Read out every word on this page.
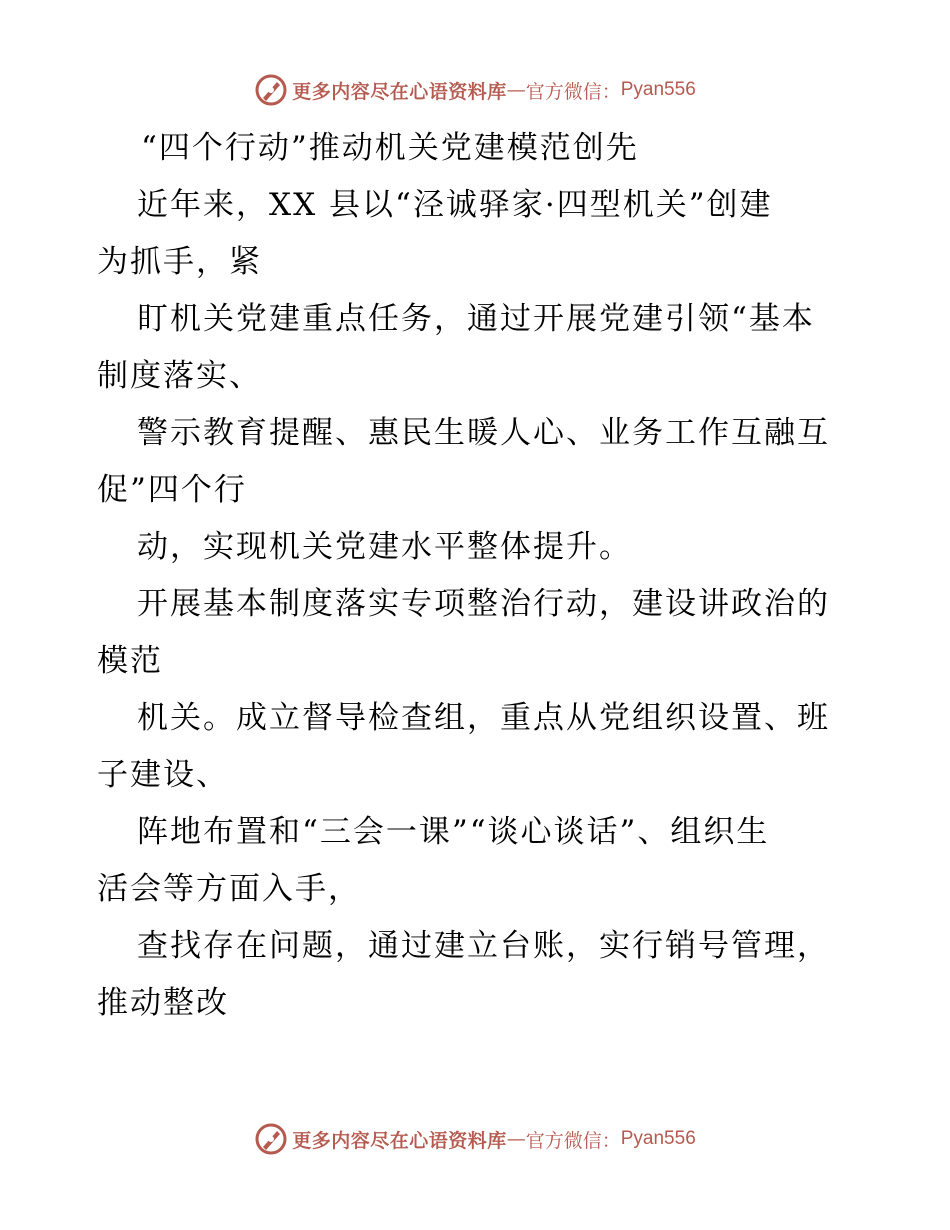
更多内容尽在心语资料库 — 官方微信： Pyan556
“四个行动”推动机关党建模范创先
近年来，XX 县以“泾诚驿家·四型机关”创建
为抓手，紧
盯机关党建重点任务，通过开展党建引领“基本
制度落实、
警示教育提醒、惠民生暖人心、业务工作互融互
促”四个行
动，实现机关党建水平整体提升。
开展基本制度落实专项整治行动，建设讲政治的
模范
机关。成立督导检查组，重点从党组织设置、班
子建设、
阵地布置和“三会一课”“谈心谈话”、组织生
活会等方面入手，
查找存在问题，通过建立台账，实行销号管理，
推动整改
更多内容尽在心语资料库 — 官方微信： Pyan556
